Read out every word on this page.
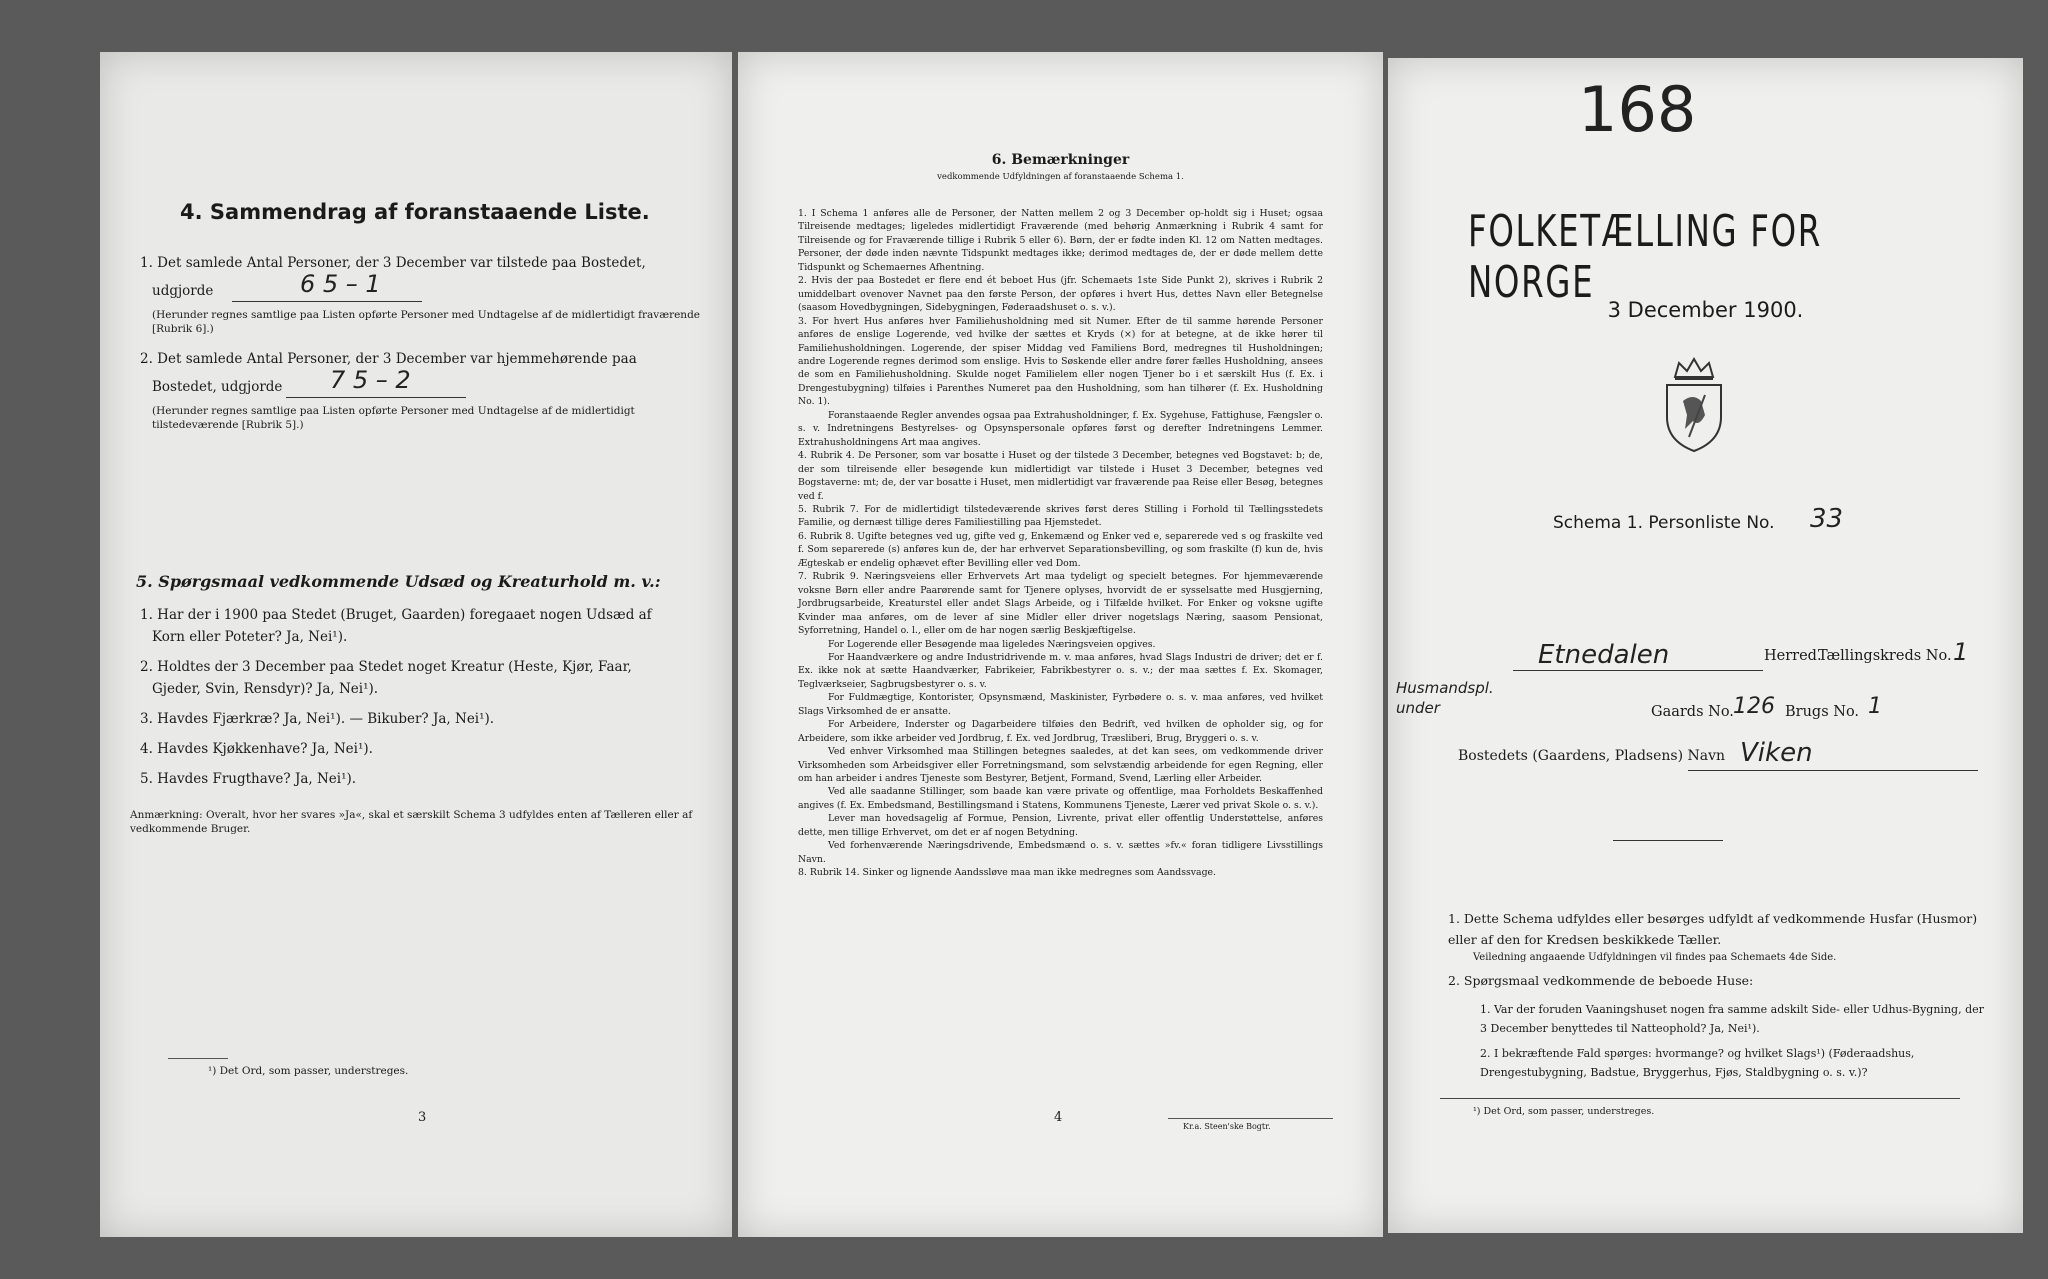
4. Sammendrag af foranstaaende Liste.
1. Det samlede Antal Personer, der 3 December var tilstede paa Bostedet,
udgjorde	6 5 – 1
(Herunder regnes samtlige paa Listen opførte Personer med Undtagelse af de midlertidigt fraværende [Rubrik 6].)
2. Det samlede Antal Personer, der 3 December var hjemmehørende paa
Bostedet, udgjorde 7 5 – 2
(Herunder regnes samtlige paa Listen opførte Personer med Undtagelse af de midlertidigt tilstedeværende [Rubrik 5].)
5. Spørgsmaal vedkommende Udsæd og Kreaturhold m. v.:
1. Har der i 1900 paa Stedet (Bruget, Gaarden) foregaaet nogen Udsæd af
Korn eller Poteter? Ja, Nei¹).
2. Holdtes der 3 December paa Stedet noget Kreatur (Heste, Kjør, Faar,
Gjeder, Svin, Rensdyr)? Ja, Nei¹).
3. Havdes Fjærkræ? Ja, Nei¹). — Bikuber? Ja, Nei¹).
4. Havdes Kjøkkenhave? Ja, Nei¹).
5. Havdes Frugthave? Ja, Nei¹).
Anmærkning: Overalt, hvor her svares »Ja«, skal et særskilt Schema 3 udfyldes enten af Tælleren eller af vedkommende Bruger.
¹) Det Ord, som passer, understreges.
3
6. Bemærkninger
vedkommende Udfyldningen af foranstaaende Schema 1.

1. I Schema 1 anføres alle de Personer, der Natten mellem 2 og 3 December op-holdt sig i Huset; ogsaa Tilreisende medtages; ligeledes midlertidigt Fraværende (med behørig Anmærkning i Rubrik 4 samt for Tilreisende og for Fraværende tillige i Rubrik 5 eller 6). Børn, der er fødte inden Kl. 12 om Natten medtages. Personer, der døde inden nævnte Tidspunkt medtages ikke; derimod medtages de, der er døde mellem dette Tidspunkt og Schemaernes Afhentning.

2. Hvis der paa Bostedet er flere end ét beboet Hus (jfr. Schemaets 1ste Side Punkt 2), skrives i Rubrik 2 umiddelbart ovenover Navnet paa den første Person, der opføres i hvert Hus, dettes Navn eller Betegnelse (saasom Hovedbygningen, Sidebygningen, Føderaadshuset o. s. v.).

3. For hvert Hus anføres hver Familiehusholdning med sit Numer. Efter de til samme hørende Personer anføres de enslige Logerende, ved hvilke der sættes et Kryds (×) for at betegne, at de ikke hører til Familiehusholdningen. Logerende, der spiser Middag ved Familiens Bord, medregnes til Husholdningen; andre Logerende regnes derimod som enslige. Hvis to Søskende eller andre fører fælles Husholdning, ansees de som en Familiehusholdning. Skulde noget Familielem eller nogen Tjener bo i et særskilt Hus (f. Ex. i Drengestubygning) tilføies i Parenthes Numeret paa den Husholdning, som han tilhører (f. Ex. Husholdning No. 1).

Foranstaaende Regler anvendes ogsaa paa Extrahusholdninger, f. Ex. Sygehuse, Fattighuse, Fængsler o. s. v. Indretningens Bestyrelses- og Opsynspersonale opføres først og derefter Indretningens Lemmer. Extrahusholdningens Art maa angives.

4. Rubrik 4. De Personer, som var bosatte i Huset og der tilstede 3 December, betegnes ved Bogstavet: b; de, der som tilreisende eller besøgende kun midlertidigt var tilstede i Huset 3 December, betegnes ved Bogstaverne: mt; de, der var bosatte i Huset, men midlertidigt var fraværende paa Reise eller Besøg, betegnes ved f.

5. Rubrik 7. For de midlertidigt tilstedeværende skrives først deres Stilling i Forhold til Tællingsstedets Familie, og dernæst tillige deres Familiestilling paa Hjemstedet.

6. Rubrik 8. Ugifte betegnes ved ug, gifte ved g, Enkemænd og Enker ved e, separerede ved s og fraskilte ved f. Som separerede (s) anføres kun de, der har erhvervet Separationsbevilling, og som fraskilte (f) kun de, hvis Ægteskab er endelig ophævet efter Bevilling eller ved Dom.

7. Rubrik 9. Næringsveiens eller Erhvervets Art maa tydeligt og specielt betegnes. For hjemmeværende voksne Børn eller andre Paarørende samt for Tjenere oplyses, hvorvidt de er sysselsatte med Husgjerning, Jordbrugsarbeide, Kreaturstel eller andet Slags Arbeide, og i Tilfælde hvilket. For Enker og voksne ugifte Kvinder maa anføres, om de lever af sine Midler eller driver nogetslags Næring, saasom Pensionat, Syforretning, Handel o. l., eller om de har nogen særlig Beskjæftigelse.

For Logerende eller Besøgende maa ligeledes Næringsveien opgives.

For Haandværkere og andre Industridrivende m. v. maa anføres, hvad Slags Industri de driver; det er f. Ex. ikke nok at sætte Haandværker, Fabrikeier, Fabrikbestyrer o. s. v.; der maa sættes f. Ex. Skomager, Teglværkseier, Sagbrugsbestyrer o. s. v.

For Fuldmægtige, Kontorister, Opsynsmænd, Maskinister, Fyrbødere o. s. v. maa anføres, ved hvilket Slags Virksomhed de er ansatte.

For Arbeidere, Inderster og Dagarbeidere tilføies den Bedrift, ved hvilken de opholder sig, og for Arbeidere, som ikke arbeider ved Jordbrug, f. Ex. ved Jordbrug, Træsliberi, Brug, Bryggeri o. s. v.

Ved enhver Virksomhed maa Stillingen betegnes saaledes, at det kan sees, om vedkommende driver Virksomheden som Arbeidsgiver eller Forretningsmand, som selvstændig arbeidende for egen Regning, eller om han arbeider i andres Tjeneste som Bestyrer, Betjent, Formand, Svend, Lærling eller Arbeider.

Ved alle saadanne Stillinger, som baade kan være private og offentlige, maa Forholdets Beskaffenhed angives (f. Ex. Embedsmand, Bestillingsmand i Statens, Kommunens Tjeneste, Lærer ved privat Skole o. s. v.).

Lever man hovedsagelig af Formue, Pension, Livrente, privat eller offentlig Understøttelse, anføres dette, men tillige Erhvervet, om det er af nogen Betydning.

Ved forhenværende Næringsdrivende, Embedsmænd o. s. v. sættes »fv.« foran tidligere Livsstillings Navn.

8. Rubrik 14. Sinker og lignende Aandssløve maa man ikke medregnes som Aandssvage.

4
Kr.a. Steen'ske Bogtr.
168
FOLKETÆLLING FOR NORGE
3 December 1900.
Schema 1. Personliste No. 33
Etnedalen	Herred.
Tællingskreds No. 1
Husmandspl. under	Gaards No. 126 Brugs No. 1
Bostedets (Gaardens, Pladsens) Navn Viken
1. Dette Schema udfyldes eller besørges udfyldt af vedkommende Husfar (Husmor) eller af den for Kredsen beskikkede Tæller.
Veiledning angaaende Udfyldningen vil findes paa Schemaets 4de Side.
2. Spørgsmaal vedkommende de beboede Huse:
1. Var der foruden Vaaningshuset nogen fra samme adskilt Side- eller Udhus-Bygning, der 3 December benyttedes til Natteophold? Ja, Nei¹).
2. I bekræftende Fald spørges: hvormange? og hvilket Slags¹) (Føderaadshus, Drengestubygning, Badstue, Bryggerhus, Fjøs, Staldbygning o. s. v.)?
¹) Det Ord, som passer, understreges.
